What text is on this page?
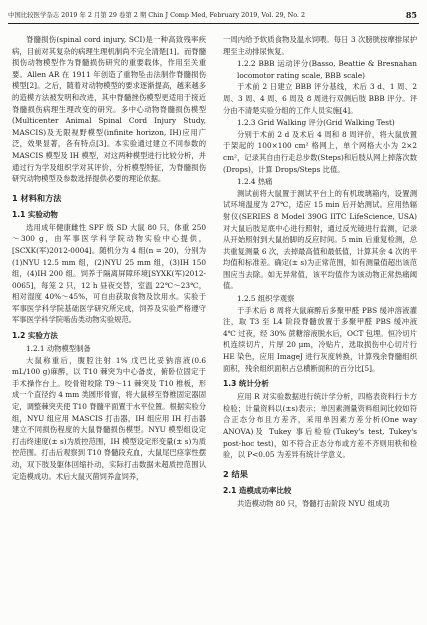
中国比较医学杂志 2019 年 2 月第 29 卷第 2 期 Chin J Comp Med, February 2019, Vol. 29, No. 2	85

脊髓损伤(spinal cord injury, SCI)是一种高致残率疾病，目前对其复杂的病理生理机制尚不完全清楚[1]。而脊髓损伤动物模型作为脊髓损伤研究的重要载体，作用至关重要。Allen AR 在 1911 年创造了重物坠击法制作脊髓损伤模型[2]。之后，随着对动物模型的要求逐渐提高，越来越多的造模方法被发明和改进，其中脊髓挫伤模型更适用于接近脊髓损伤病理生理改变的研究。多中心动物脊髓损伤模型(Multicenter Animal Spinal Cord Injury Study, MASCIS)及无限视野模型(infinite horizon, IH)应用广泛，效果显著，各有特点[3]。本实验通过建立不同参数的 MASCIS 模型及 IH 模型，对这两种模型进行比较分析，并通过行为学及组织学对其评价，分析模型特征，为脊髓损伤研究动物模型及参数选择提供必要的理论依据。

1 材料和方法
1.1 实验动物

选用成年健康雌性 SPF 级 SD 大鼠 80 只，体重 250～300 g，由军事医学科学院动物实验中心提供，[SCXK(军)2012-0004]。随机分为 4 组(n = 20)，分别为(1)NYU 12.5 mm 组，(2)NYU 25 mm 组，(3)IH 150 组，(4)IH 200 组。饲养于隔离屏障环境[SYXK(军)2012-0065]，每笼 2 只，12 h 昼夜交替，室温 22℃～23℃，相对湿度 40%～45%，可自由获取食物及饮用水。实验于军事医学科学院基础医学研究所完成，饲养及实验严格遵守军事医学科学院啮齿类动物实验规范。

1.2 实验方法
1.2.1 动物模型制备

大鼠称重后，腹腔注射 1% 戊巴比妥钠溶液(0.6 mL/100 g)麻醉，以 T10 棘突为中心备皮，俯卧位固定于手术操作台上。咬骨钳咬除 T9～11 棘突及 T10 椎板，形成一个直径约 4 mm 类圆形骨窗，将大鼠移至脊椎固定器固定，调整棘突夹使 T10 脊髓平面置于水平位置。根据实验分组，NYU 组应用 MASCIS 打击器，IH 组应用 IH 打击器建立不同损伤程度的大鼠脊髓损伤模型。NYU 模型组设定打击终速度(± s)为质控范围，IH 模型设定形变量(± s)为质控范围。打击后观察到 T10 脊髓段充血，大鼠尾巴痉挛性摆动，双下肢及躯体回缩扑动，实际打击数据未超质控范围认定造模成功。术后大鼠灭菌饲养盒饲养，

一周内给予软质食物及温水饲喂。每日 3 次膀胱按摩排尿护理至主动排尿恢复。

1.2.2 BBB 运动评分(Basso, Beattie & Bresnahan locomotor rating scale, BBB scale)

于术前 2 日建立 BBB 评分基线，术后 3 d、1 周、2 周、3 周、4 周、6 周及 8 周进行双侧后肢 BBB 评分。评分由不清楚实验分组的工作人员实施[4]。

1.2.3 Grid Walking 评分(Grid Walking Test)

分别于术前 2 d 及术后 4 周和 8 周评价，将大鼠放置于架起的 100×100 cm² 格网上，单个网格大小为 2×2 cm²，记录其自由行走总步数(Steps)和后肢从网上掉落次数(Drops)，计算 Drops/Steps 比值。

1.2.4 热痛

测试前将大鼠置于测试平台上的有机玻璃箱内，设置测试环境温度为 27℃，适应 15 min 后开始测试。应用热辐射仪(SERIES 8 Model 390G IITC LifeScience, USA)对大鼠后肢足底中心进行照射，通过反光镜进行监测，记录从开始照射到大鼠抬脚的反应时间。5 min 后重复检测，总共重复测量 6 次，去掉最高值和最低值，计算其余 4 次的平均值和标准差。确定(± s)为正常范围，如有测量值超出该范围应当去除。如无异常值，该平均值作为该动物正常热痛阈值。

1.2.5 组织学观察

于手术后 8 周将大鼠麻醉后多聚甲醛 PBS 缓冲溶液灌注，取 T3 至 L4 阶段脊髓放置于多聚甲醛 PBS 缓冲液 4℃ 过夜，经 30% 蔗糖溶液脱水后，OCT 包埋。恒冷切片机连续切片，片厚 20 μm，冷贴片，选取损伤中心切片行 HE 染色，应用 ImageJ 进行灰度转换，计算残余脊髓组织面积，残余组织面积占总横断面积的百分比[5]。

1.3 统计分析

应用 R 对实验数据进行统计学分析，四格表资料行卡方检验；计量资料以(±s)表示；单因素测量资料组间比较如符合正态分布且方差齐，采用单因素方差分析(One way ANOVA)及 Tukey 事后检验(Tukey's test, Tukey's post-hoc test)，如不符合正态分布或方差不齐则用秩和检验，以 P<0.05 为差异有统计学意义。

2 结果
2.1 造模成功率比较

共造模动物 80 只，脊髓打击阶段 NYU 组成功
